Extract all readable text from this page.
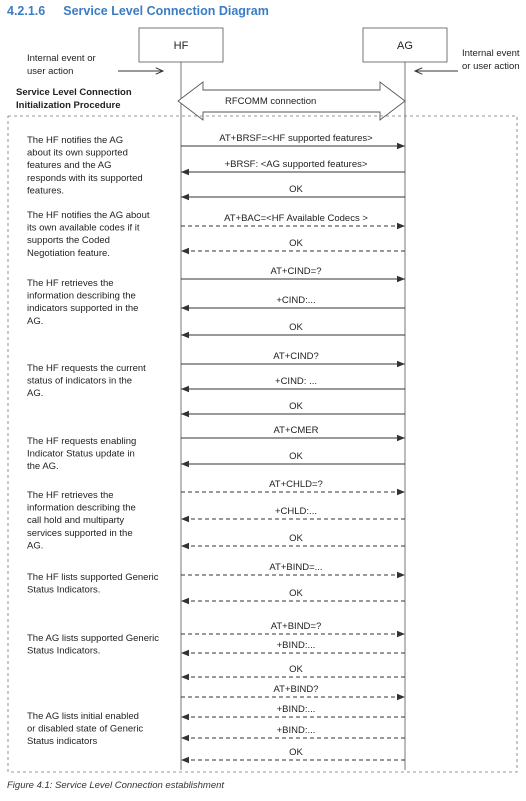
4.2.1.6 Service Level Connection Diagram
HF	AG
Internal event or
user action
Internal event
or user action
Service Level Connection
Initialization Procedure	RFCOMM connection
AT+BRSF=<HF supported features>
+BRSF: <AG supported features>
OK
AT+BAC=<HF Available Codecs >
OK
AT+CIND=?
+CIND:...
OK
AT+CIND?
+CIND: ...
OK
AT+CMER
OK
AT+CHLD=?
+CHLD:...
OK
AT+BIND=...
OK
AT+BIND=?
+BIND:...
OK
AT+BIND?
+BIND:...
+BIND:...
OK
The HF notifies the AG
about its own supported
features and the AG
responds with its supported
features.
The HF notifies the AG about
its own available codes if it
supports the Coded
Negotiation feature.
The HF retrieves the
information describing the
indicators supported in the
AG.
The HF requests the current
status of indicators in the
AG.
The HF requests enabling
Indicator Status update in
the AG.
The HF retrieves the
information describing the
call hold and multiparty
services supported in the
AG.
The HF lists supported Generic
Status Indicators.
The AG lists supported Generic
Status Indicators.
The AG lists initial enabled
or disabled state of Generic
Status indicators
Figure 4.1: Service Level Connection establishment
